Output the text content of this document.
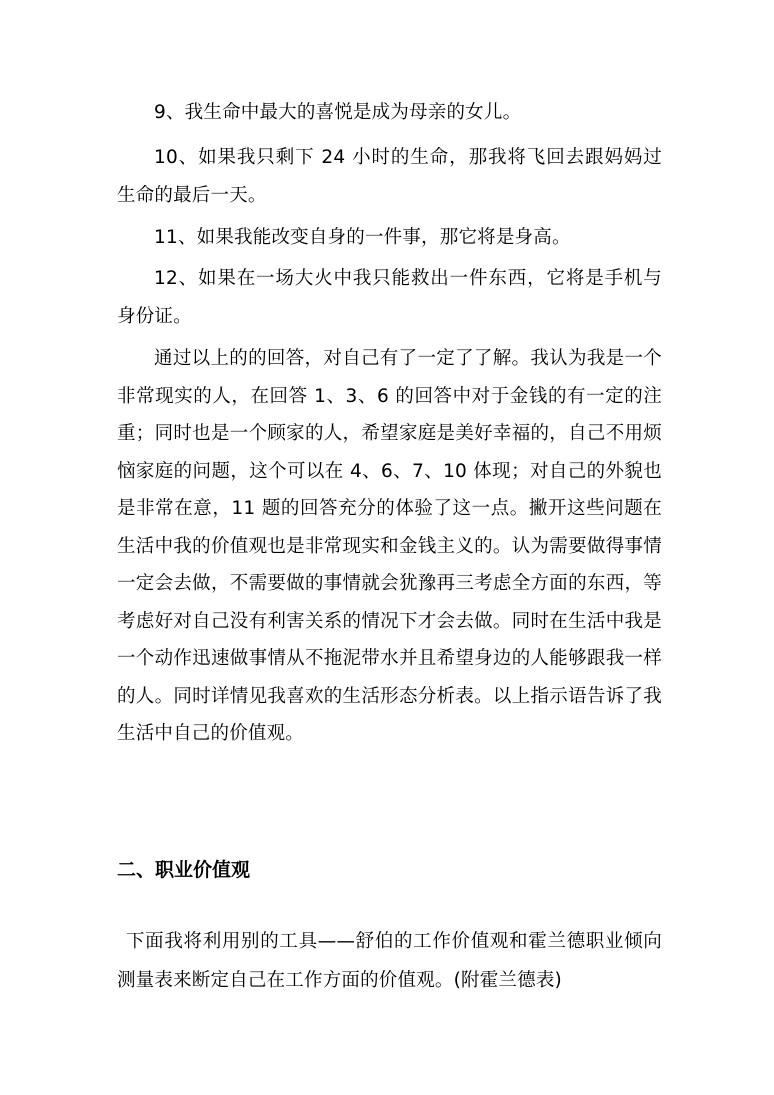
9、我生命中最大的喜悦是成为母亲的女儿。

10、如果我只剩下 24 小时的生命，那我将飞回去跟妈妈过生命的最后一天。

11、如果我能改变自身的一件事，那它将是身高。

12、如果在一场大火中我只能救出一件东西，它将是手机与身份证。

通过以上的的回答，对自己有了一定了了解。我认为我是一个非常现实的人，在回答 1、3、6 的回答中对于金钱的有一定的注重；同时也是一个顾家的人，希望家庭是美好幸福的，自己不用烦恼家庭的问题，这个可以在 4、6、7、10 体现；对自己的外貌也是非常在意，11 题的回答充分的体验了这一点。撇开这些问题在生活中我的价值观也是非常现实和金钱主义的。认为需要做得事情一定会去做，不需要做的事情就会犹豫再三考虑全方面的东西，等考虑好对自己没有利害关系的情况下才会去做。同时在生活中我是一个动作迅速做事情从不拖泥带水并且希望身边的人能够跟我一样的人。同时详情见我喜欢的生活形态分析表。以上指示语告诉了我生活中自己的价值观。

二、职业价值观

下面我将利用别的工具——舒伯的工作价值观和霍兰德职业倾向测量表来断定自己在工作方面的价值观。(附霍兰德表)
